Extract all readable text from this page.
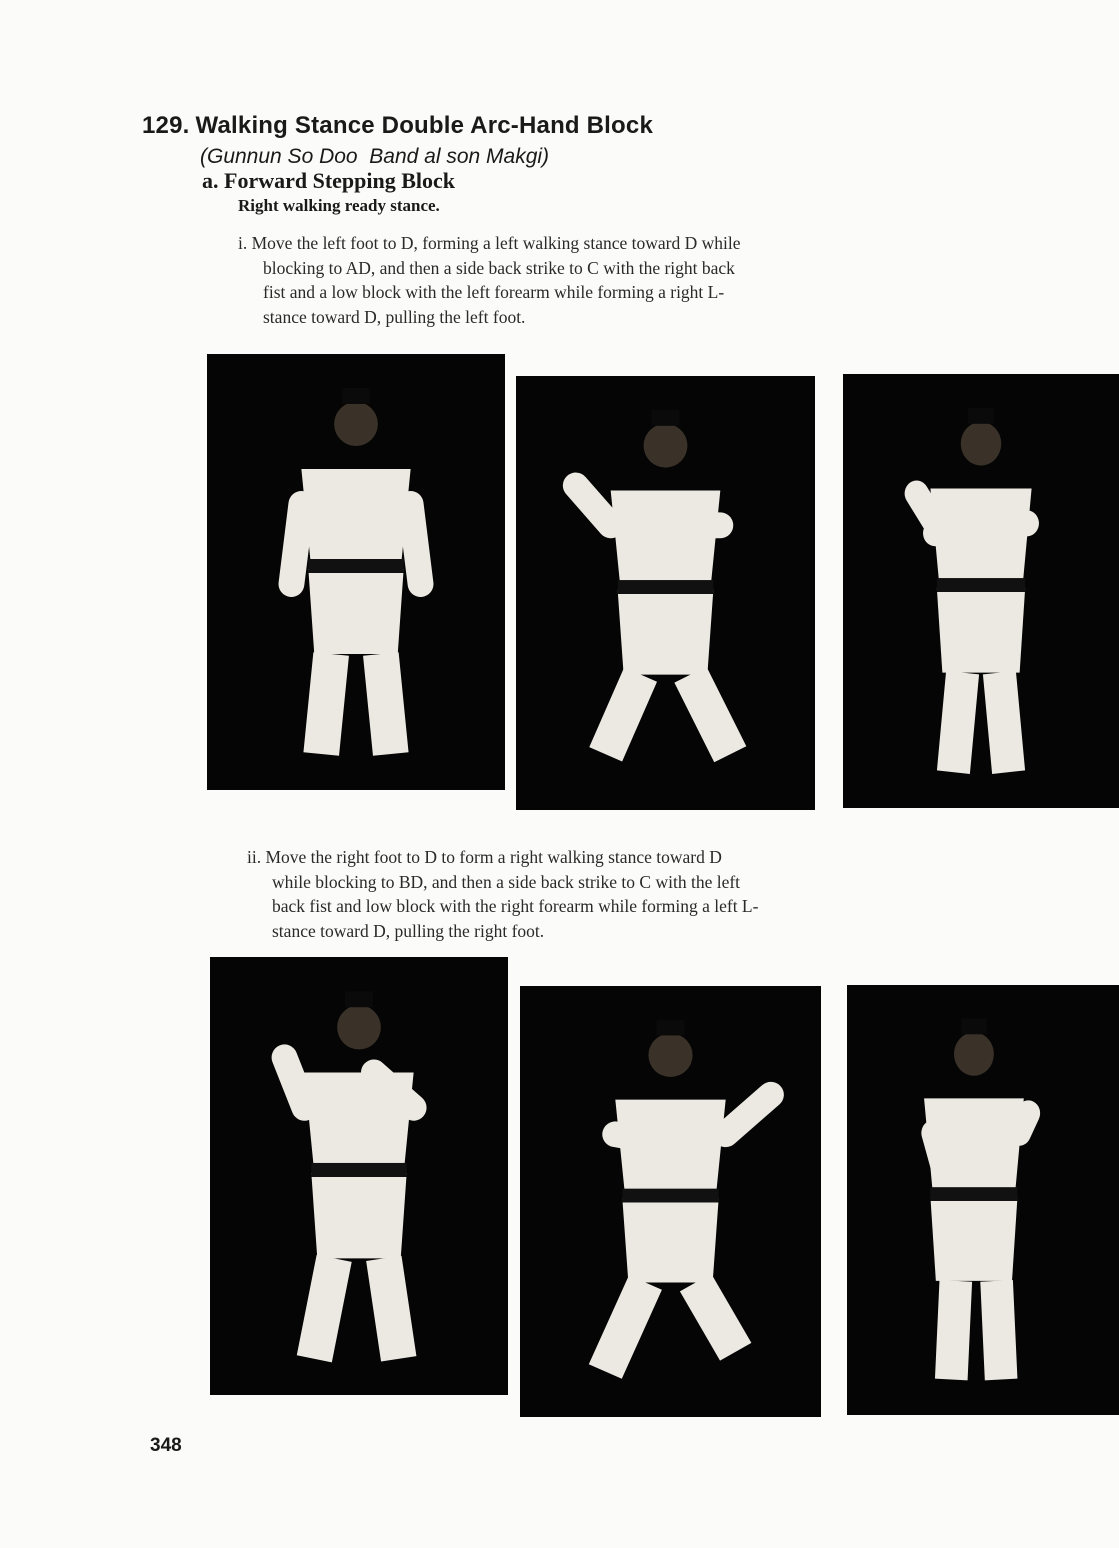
129. Walking Stance Double Arc-Hand Block
(Gunnun So Doo  Band al son Makgi)
a. Forward Stepping Block
Right walking ready stance.
i. Move the left foot to D, forming a left walking stance toward D while
blocking to AD, and then a side back strike to C with the right back
fist and a low block with the left forearm while forming a right L-
stance toward D, pulling the left foot.
ii. Move the right foot to D to form a right walking stance toward D
while blocking to BD, and then a side back strike to C with the left
back fist and low block with the right forearm while forming a left L-
stance toward D, pulling the right foot.
348
